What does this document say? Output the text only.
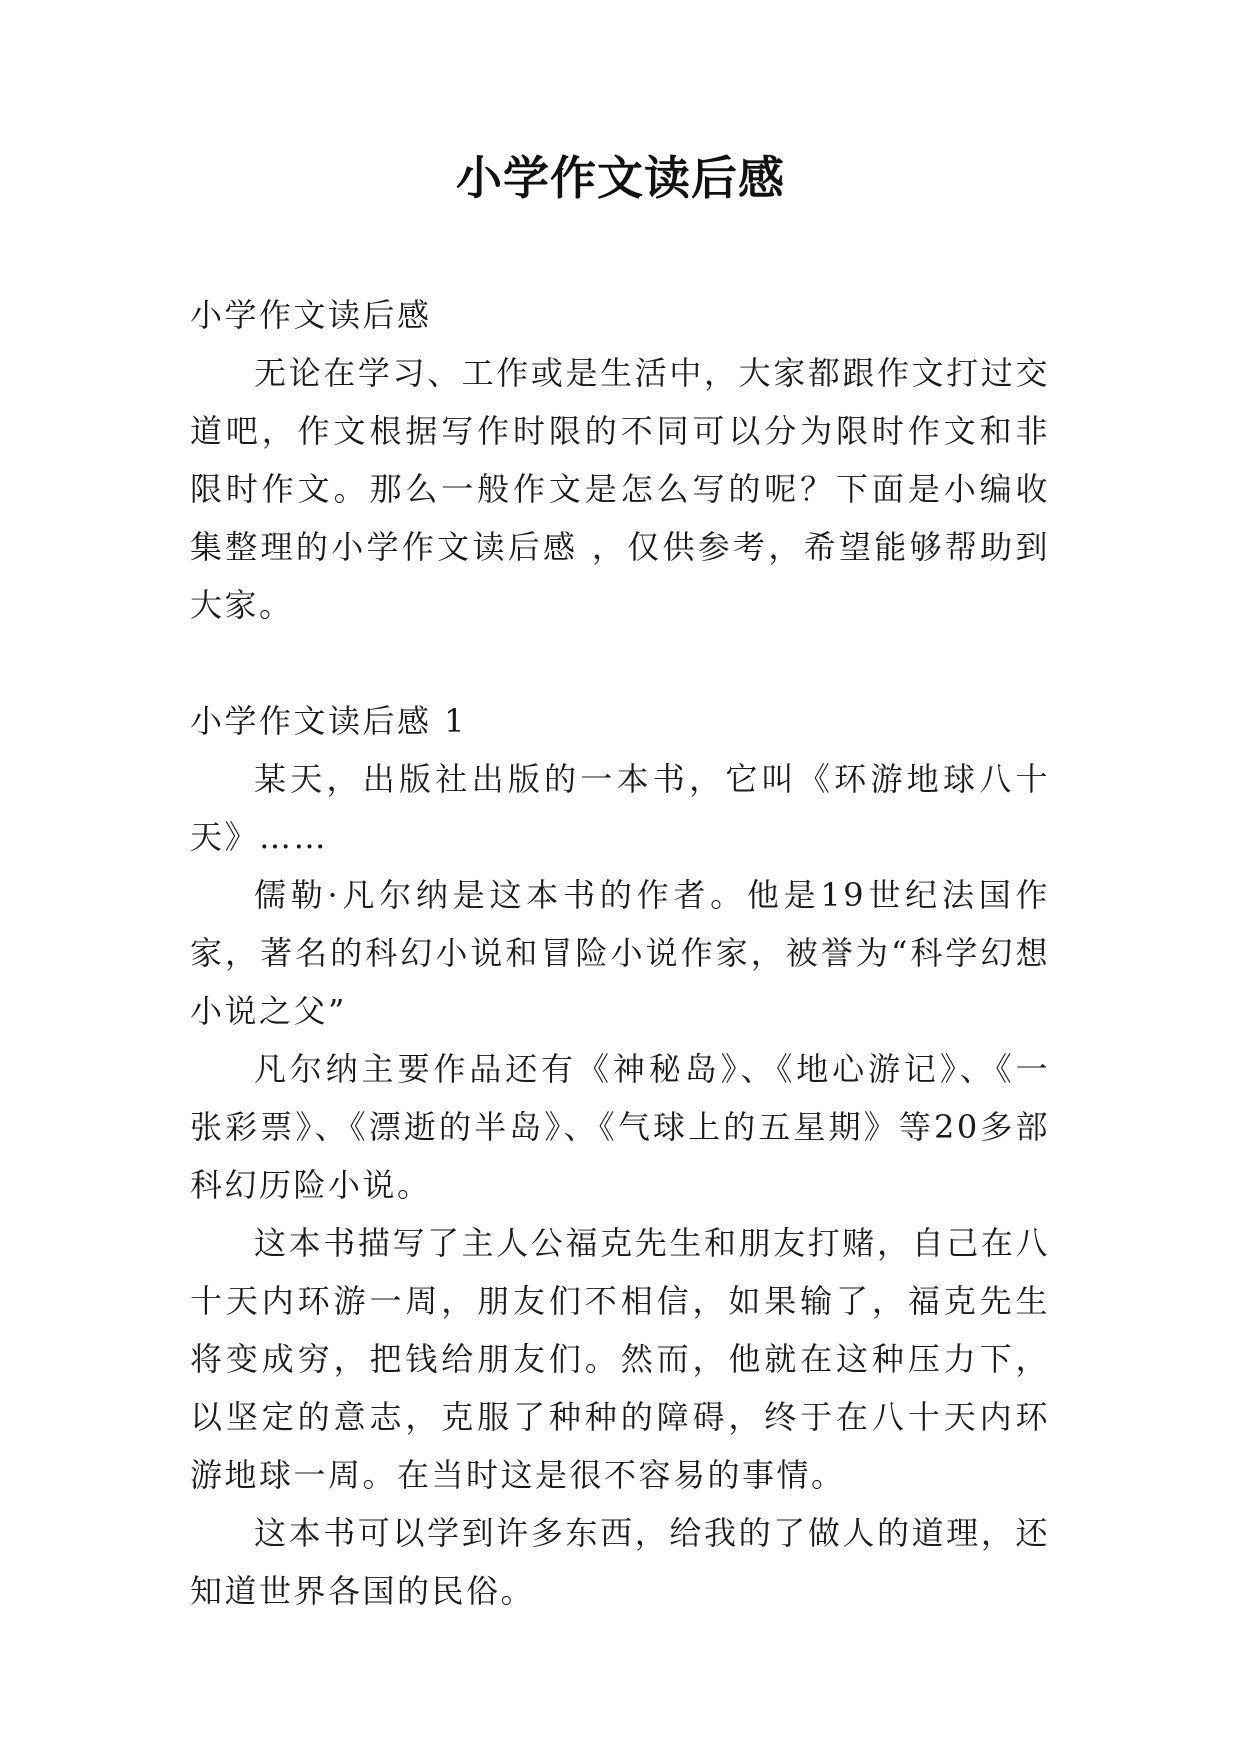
小学作文读后感

小学作文读后感

无论在学习、工作或是生活中，大家都跟作文打过交道吧，作文根据写作时限的不同可以分为限时作文和非限时作文。那么一般作文是怎么写的呢？下面是小编收集整理的小学作文读后感 ，仅供参考，希望能够帮助到大家。

小学作文读后感 1

某天，出版社出版的一本书，它叫《环游地球八十天》……

儒勒·凡尔纳是这本书的作者。他是19世纪法国作家，著名的科幻小说和冒险小说作家，被誉为“科学幻想小说之父”

凡尔纳主要作品还有《神秘岛》、《地心游记》、《一张彩票》、《漂逝的半岛》、《气球上的五星期》等20多部科幻历险小说。

这本书描写了主人公福克先生和朋友打赌，自己在八十天内环游一周，朋友们不相信，如果输了，福克先生将变成穷，把钱给朋友们。然而，他就在这种压力下，以坚定的意志，克服了种种的障碍，终于在八十天内环游地球一周。在当时这是很不容易的事情。

这本书可以学到许多东西，给我的了做人的道理，还知道世界各国的民俗。
